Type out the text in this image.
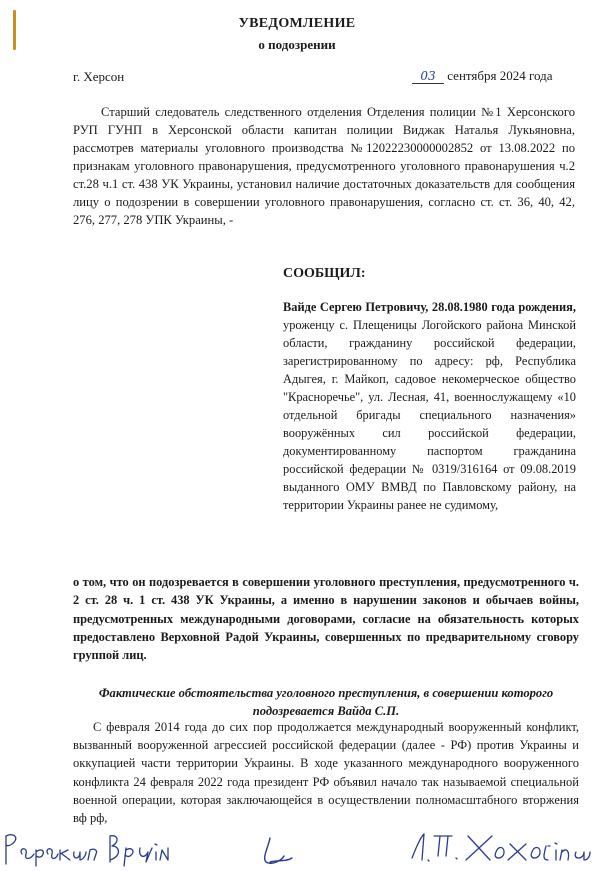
УВЕДОМЛЕНИЕ
о подозрении
г. Херсон	03 сентября 2024 года
Старший следователь следственного отделения Отделения полиции №1 Херсонского РУП ГУНП в Херсонской области капитан полиции Виджак Наталья Лукьяновна, рассмотрев материалы уголовного производства №12022230000002852 от 13.08.2022 по признакам уголовного правонарушения, предусмотренного уголовного правонарушения ч.2 ст.28 ч.1 ст. 438 УК Украины, установил наличие достаточных доказательств для сообщения лицу о подозрении в совершении уголовного правонарушения, согласно ст. ст. 36, 40, 42, 276, 277, 278 УПК Украины, -
СООБЩИЛ:
Вайде Сергею Петровичу, 28.08.1980 года рождения, уроженцу с. Плещеницы Логойского района Минской области, гражданину российской федерации, зарегистрированному по адресу: рф, Республика Адыгея, г. Майкоп, садовое некомерческое общество "Красноречье", ул. Лесная, 41, военнослужащему «10 отдельной бригады специального назначения» вооружённых сил российской федерации, документированному паспортом гражданина российской федерации № 0319/316164 от 09.08.2019 выданного ОМУ ВМВД по Павловскому району, на территории Украины ранее не судимому,
о том, что он подозревается в совершении уголовного преступления, предусмотренного ч. 2 ст. 28 ч. 1 ст. 438 УК Украины, а именно в нарушении законов и обычаев войны, предусмотренных международными договорами, согласие на обязательность которых предоставлено Верховной Радой Украины, совершенных по предварительному сговору группой лиц.
Фактические обстоятельства уголовного преступления, в совершении которого подозревается Вайда С.П.
С февраля 2014 года до сих пор продолжается международный вооруженный конфликт, вызванный вооруженной агрессией российской федерации (далее - РФ) против Украины и оккупацией части территории Украины. В ходе указанного международного вооруженного конфликта 24 февраля 2022 года президент РФ объявил начало так называемой специальной военной операции, которая заключающейся в осуществлении полномасштабного вторжения вф рф,
